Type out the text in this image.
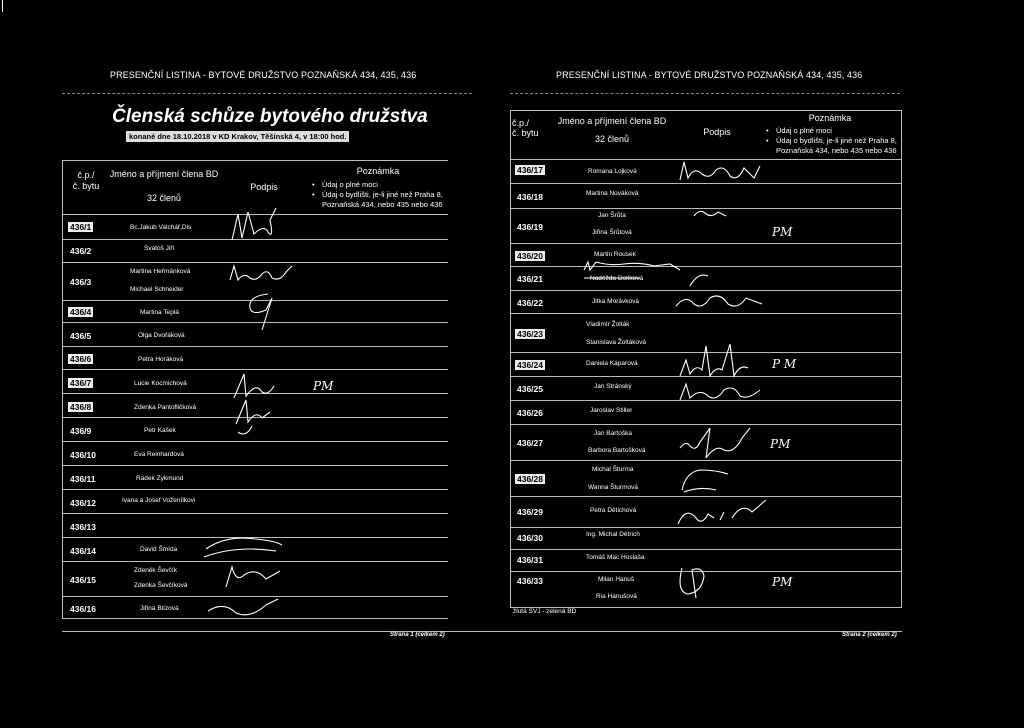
PRESENČNÍ LISTINA - BYTOVÉ DRUŽSTVO POZNAŇSKÁ 434, 435, 436
Členská schůze bytového družstva
konané dne 18.10.2018 v KD Krakov, Těšínská 4, v 18:00 hod.
č.p./
č. bytu
Jméno a příjmení člena BD
32 členů
Podpis
Poznámka
• Údaj o plné moci
• Údaj o bydlišti, je-li jiné než Praha 8, Poznaňská 434, nebo 435 nebo 436
436/1
436/2
436/3
436/4
436/5
436/6
436/7
436/8
436/9
436/10
436/11
436/12
436/13
436/14
436/15
436/16
Bc.Jakub Valchář,Dis
Svatoš Jiří
Martina Heřmánková
Michael Schneider
Martina Teplá
Olga Dvořáková
Petra Horáková
Lucie Kocmichová
Zdenka Pantofličková
Petr Kašek
Eva Reinhardová
Radek Zykmund
Ivana a Josef Voženílkovi
David Šmída
Zdeněk Ševčík
Zdenka Ševčíková
Jiřina Blízová
PM
Strana 1 (celkem 2)
PRESENČNÍ LISTINA - BYTOVÉ DRUŽSTVO POZNAŇSKÁ 434, 435, 436
č.p./
č. bytu
Jméno a příjmení člena BD
32 členů
Podpis
Poznámka
• Údaj o plné moci
• Údaj o bydlišti, je-li jiné než Praha 8, Poznaňská 434, nebo 435 nebo 436
436/17
436/18
436/19
436/20
436/21
436/22
436/23
436/24
436/25
436/26
436/27
436/28
436/29
436/30
436/31
436/33
Romana Lojková
Martina Nováková
Jan Šrůta
Jiřina Šrůtová
Martin Rousek
Naděžda Dolíková
Jitka Morávková
Vladimír Žolták
Stanislava Žoltáková
Daniela Káparová
Jan Stránský
Jaroslav Stiller
Jan Bartoška
Barbora Bartošková
Michal Šturma
Wanna Šturmová
Petra Dětichová
Ing. Michal Dětrich
Tomáš Mac Hoslaša
Milan Hanuš
Ria Hanušová
PM
P M
PM
PM
žlutá SVJ - zelená BD
Strana 2 (celkem 2)
